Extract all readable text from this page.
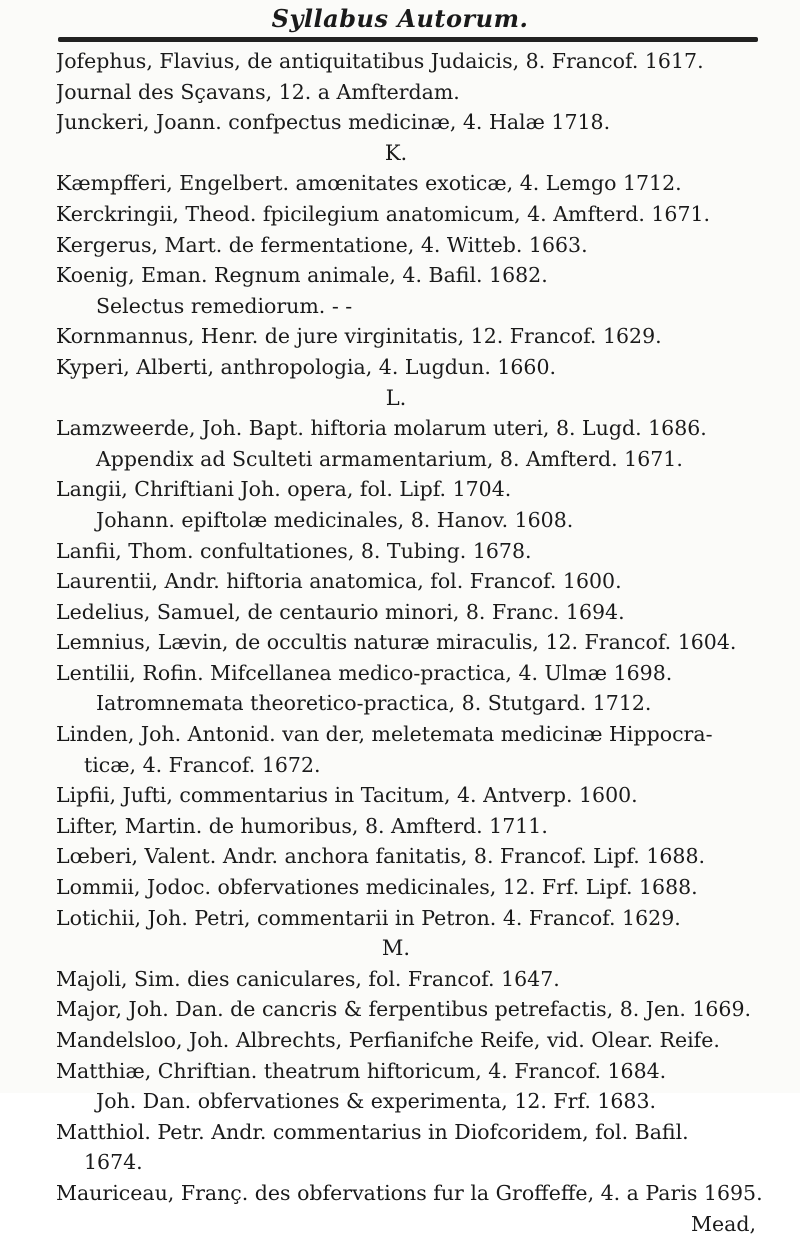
Syllabus Autorum.
Jofephus, Flavius, de antiquitatibus Judaicis, 8. Francof. 1617.
Journal des Sçavans, 12. a Amfterdam.
Junckeri, Joann. confpectus medicinæ, 4. Halæ 1718.
K.
Kæmpfferi, Engelbert. amœnitates exoticæ, 4. Lemgo 1712.
Kerckringii, Theod. fpicilegium anatomicum, 4. Amfterd. 1671.
Kergerus, Mart. de fermentatione, 4. Witteb. 1663.
Koenig, Eman. Regnum animale, 4. Bafil. 1682.
Selectus remediorum. - -
Kornmannus, Henr. de jure virginitatis, 12. Francof. 1629.
Kyperi, Alberti, anthropologia, 4. Lugdun. 1660.
L.
Lamzweerde, Joh. Bapt. hiftoria molarum uteri, 8. Lugd. 1686.
Appendix ad Sculteti armamentarium, 8. Amfterd. 1671.
Langii, Chriftiani Joh. opera, fol. Lipf. 1704.
Johann. epiftolæ medicinales, 8. Hanov. 1608.
Lanfii, Thom. confultationes, 8. Tubing. 1678.
Laurentii, Andr. hiftoria anatomica, fol. Francof. 1600.
Ledelius, Samuel, de centaurio minori, 8. Franc. 1694.
Lemnius, Lævin, de occultis naturæ miraculis, 12. Francof. 1604.
Lentilii, Rofin. Mifcellanea medico-practica, 4. Ulmæ 1698.
Iatromnemata theoretico-practica, 8. Stutgard. 1712.
Linden, Joh. Antonid. van der, meletemata medicinæ Hippocra-
ticæ, 4. Francof. 1672.
Lipfii, Jufti, commentarius in Tacitum, 4. Antverp. 1600.
Lifter, Martin. de humoribus, 8. Amfterd. 1711.
Lœberi, Valent. Andr. anchora fanitatis, 8. Francof. Lipf. 1688.
Lommii, Jodoc. obfervationes medicinales, 12. Frf. Lipf. 1688.
Lotichii, Joh. Petri, commentarii in Petron. 4. Francof. 1629.
M.
Majoli, Sim. dies caniculares, fol. Francof. 1647.
Major, Joh. Dan. de cancris & ferpentibus petrefactis, 8. Jen. 1669.
Mandelsloo, Joh. Albrechts, Perfianifche Reife, vid. Olear. Reife.
Matthiæ, Chriftian. theatrum hiftoricum, 4. Francof. 1684.
Joh. Dan. obfervationes & experimenta, 12. Frf. 1683.
Matthiol. Petr. Andr. commentarius in Diofcoridem, fol. Bafil.
1674.
Mauriceau, Franç. des obfervations fur la Groffeffe, 4. a Paris 1695.
Mead,
